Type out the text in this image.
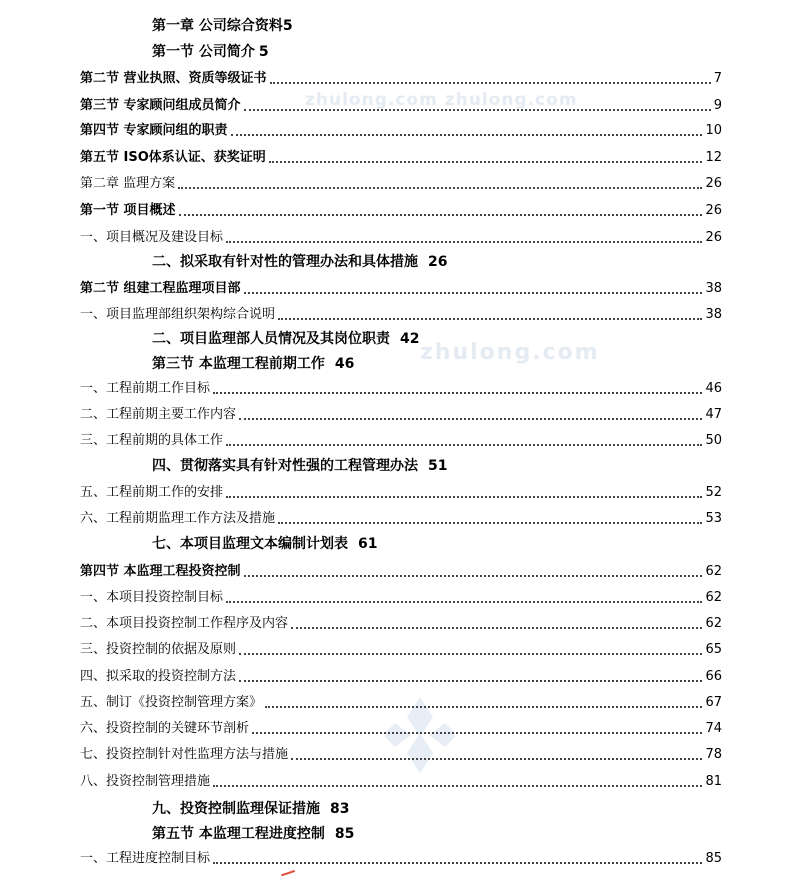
zhulong.com zhulong.com
zhulong.com
第一章 公司综合资料5
第一节 公司简介 5
第二节 营业执照、资质等级证书	7
第三节 专家顾问组成员简介	9
第四节 专家顾问组的职责	10
第五节 ISO体系认证、获奖证明	12
第二章 监理方案	26
第一节 项目概述	26
一、项目概况及建设目标	26
二、拟采取有针对性的管理办法和具体措施 26
第二节 组建工程监理项目部	38
一、项目监理部组织架构综合说明	38
二、项目监理部人员情况及其岗位职责 42
第三节 本监理工程前期工作 46
一、工程前期工作目标	46
二、工程前期主要工作内容	47
三、工程前期的具体工作	50
四、贯彻落实具有针对性强的工程管理办法 51
五、工程前期工作的安排	52
六、工程前期监理工作方法及措施	53
七、本项目监理文本编制计划表 61
第四节 本监理工程投资控制	62
一、本项目投资控制目标	62
二、本项目投资控制工作程序及内容	62
三、投资控制的依据及原则	65
四、拟采取的投资控制方法	66
五、制订《投资控制管理方案》	67
六、投资控制的关键环节剖析	74
七、投资控制针对性监理方法与措施	78
八、投资控制管理措施	81
九、投资控制监理保证措施 83
第五节 本监理工程进度控制 85
一、工程进度控制目标	85
